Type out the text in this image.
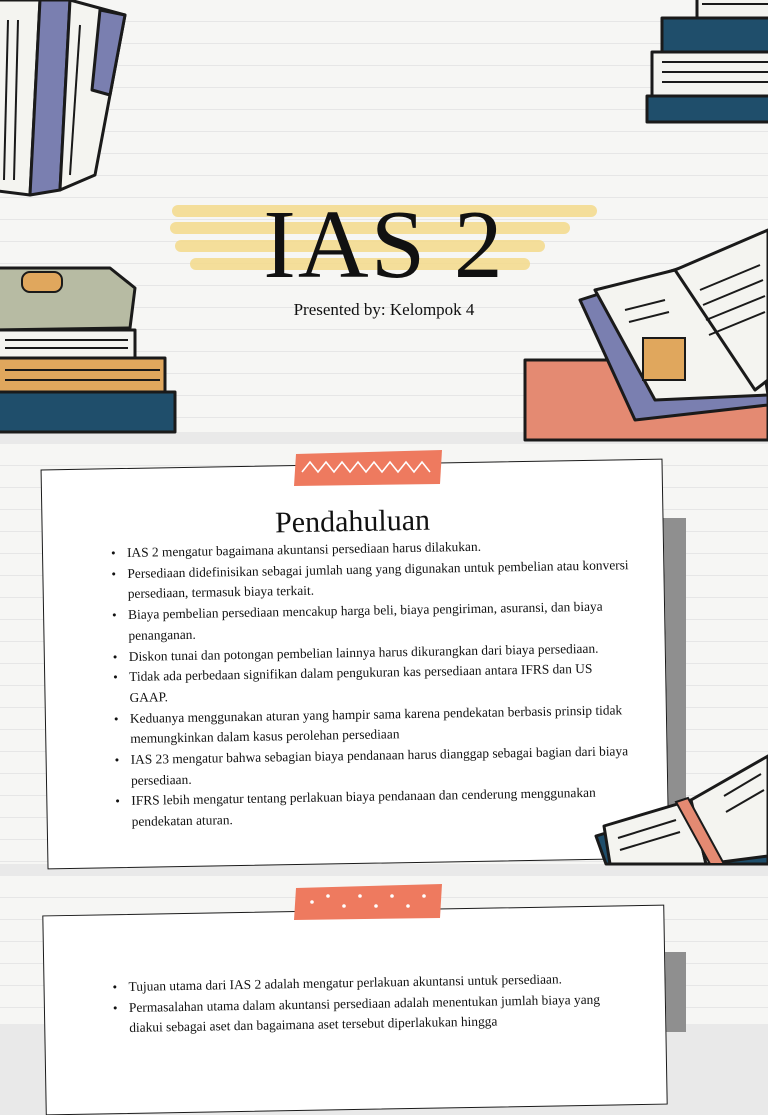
IAS 2
Presented by: Kelompok 4
Pendahuluan
• IAS 2 mengatur bagaimana akuntansi persediaan harus dilakukan.
• Persediaan didefinisikan sebagai jumlah uang yang digunakan untuk pembelian atau konversi persediaan, termasuk biaya terkait.
• Biaya pembelian persediaan mencakup harga beli, biaya pengiriman, asuransi, dan biaya penanganan.
• Diskon tunai dan potongan pembelian lainnya harus dikurangkan dari biaya persediaan.
• Tidak ada perbedaan signifikan dalam pengukuran kas persediaan antara IFRS dan US GAAP.
• Keduanya menggunakan aturan yang hampir sama karena pendekatan berbasis prinsip tidak memungkinkan dalam kasus perolehan persediaan
• IAS 23 mengatur bahwa sebagian biaya pendanaan harus dianggap sebagai bagian dari biaya persediaan.
• IFRS lebih mengatur tentang perlakuan biaya pendanaan dan cenderung menggunakan pendekatan aturan.
• Tujuan utama dari IAS 2 adalah mengatur perlakuan akuntansi untuk persediaan.
• Permasalahan utama dalam akuntansi persediaan adalah menentukan jumlah biaya yang diakui sebagai aset dan bagaimana aset tersebut diperlakukan hingga
